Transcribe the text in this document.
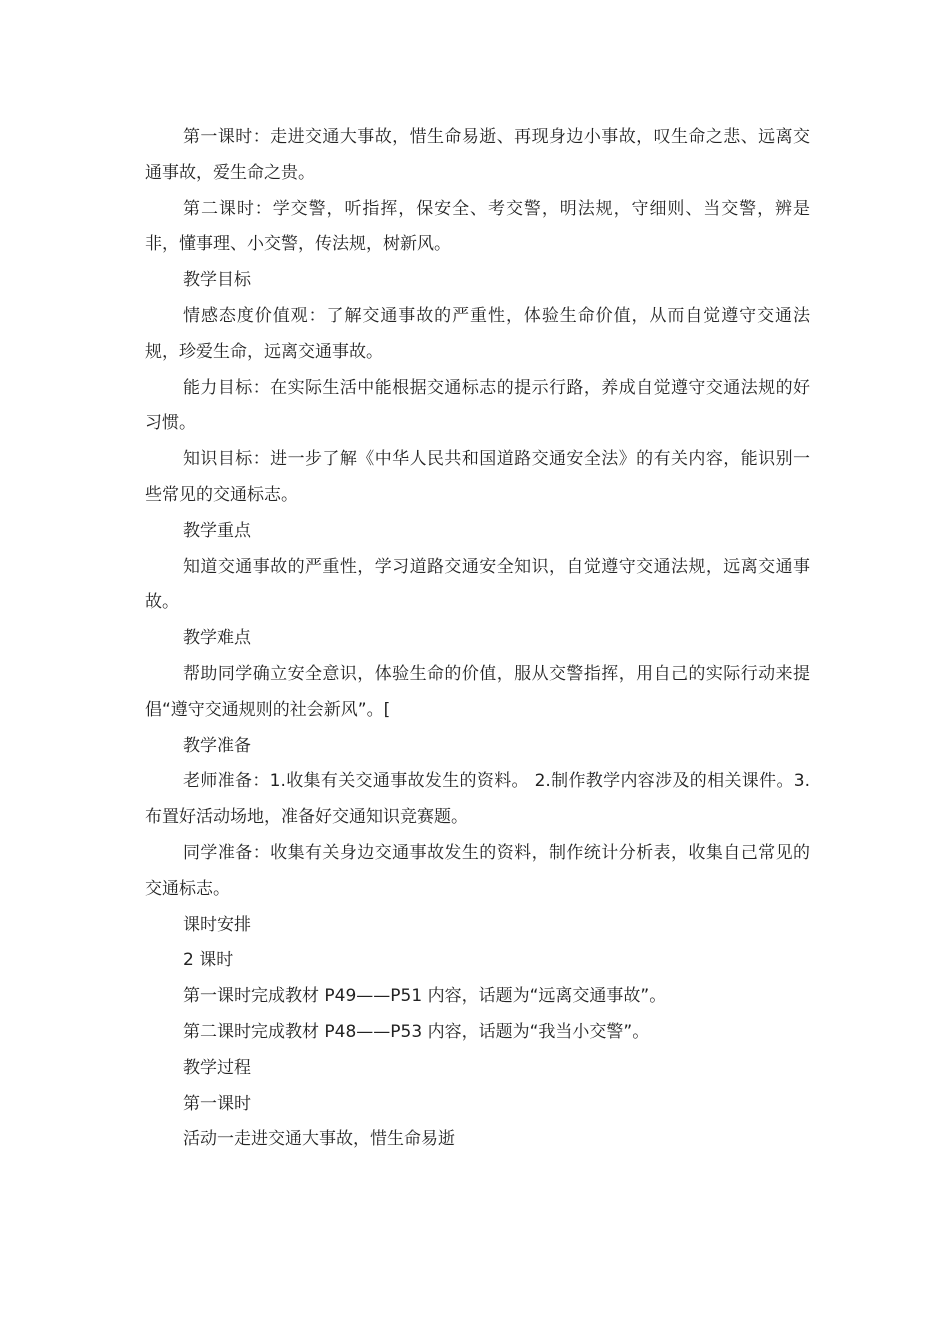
第一课时：走进交通大事故，惜生命易逝、再现身边小事故，叹生命之悲、远离交通事故，爱生命之贵。

第二课时：学交警，听指挥，保安全、考交警，明法规，守细则、当交警，辨是非，懂事理、小交警，传法规，树新风。

教学目标

情感态度价值观：了解交通事故的严重性，体验生命价值，从而自觉遵守交通法规，珍爱生命，远离交通事故。

能力目标：在实际生活中能根据交通标志的提示行路，养成自觉遵守交通法规的好习惯。

知识目标：进一步了解《中华人民共和国道路交通安全法》的有关内容，能识别一些常见的交通标志。

教学重点

知道交通事故的严重性，学习道路交通安全知识，自觉遵守交通法规，远离交通事故。

教学难点

帮助同学确立安全意识，体验生命的价值，服从交警指挥，用自己的实际行动来提倡“遵守交通规则的社会新风”。[

教学准备

老师准备：1.收集有关交通事故发生的资料。 2.制作教学内容涉及的相关课件。3.布置好活动场地，准备好交通知识竞赛题。

同学准备：收集有关身边交通事故发生的资料，制作统计分析表，收集自己常见的交通标志。

课时安排

2 课时

第一课时完成教材 P49——P51 内容，话题为“远离交通事故”。

第二课时完成教材 P48——P53 内容，话题为“我当小交警”。

教学过程

第一课时

活动一走进交通大事故，惜生命易逝
